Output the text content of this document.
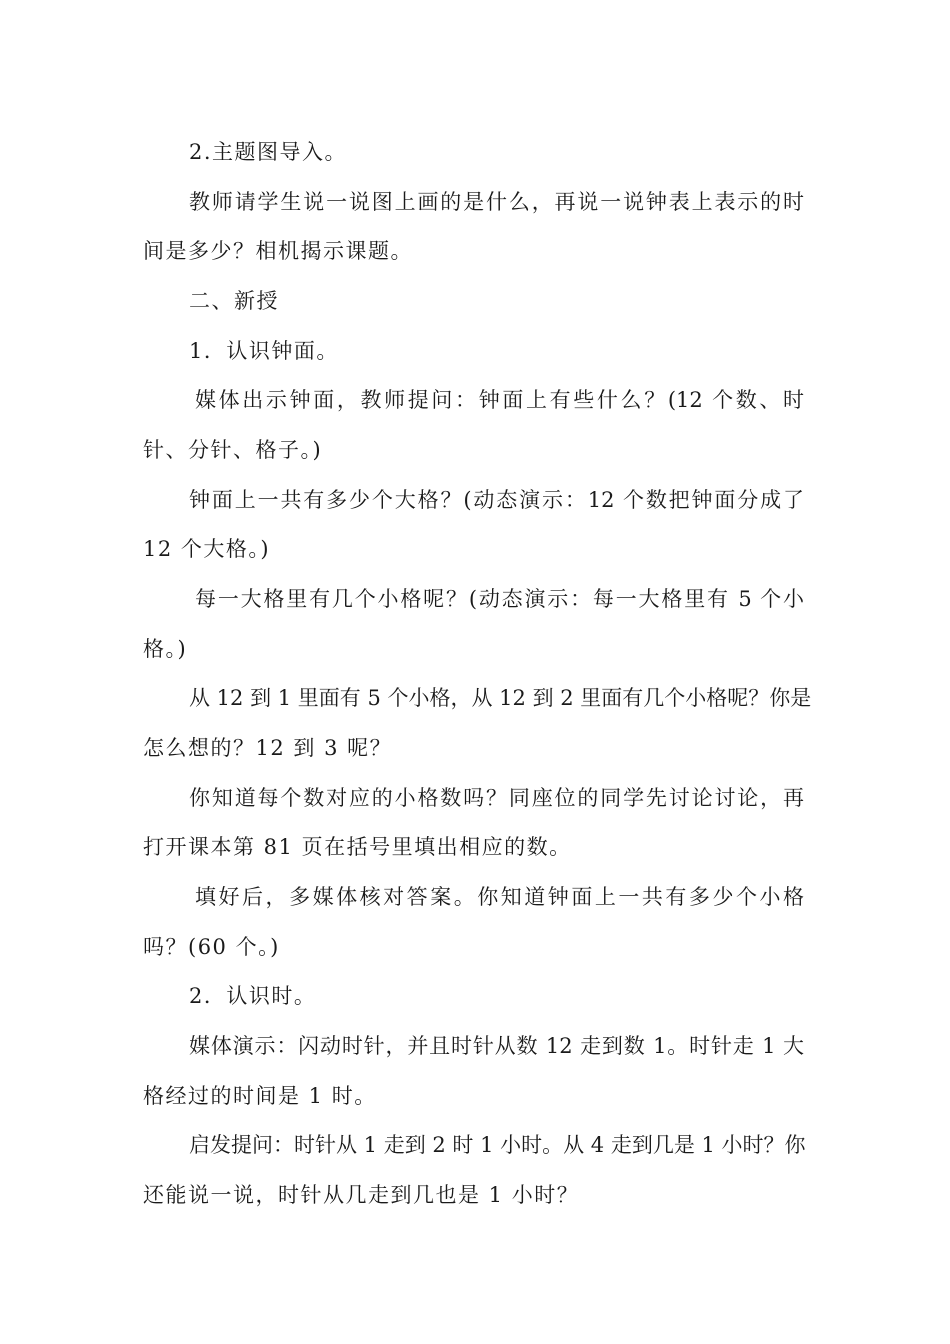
2.主题图导入。
教师请学生说一说图上画的是什么，再说一说钟表上表示的时
间是多少？相机揭示课题。
二、新授
1．认识钟面。
媒体出示钟面，教师提问：钟面上有些什么？(12 个数、时
针、分针、格子。)
钟面上一共有多少个大格？(动态演示：12 个数把钟面分成了
12 个大格。)
每一大格里有几个小格呢？(动态演示：每一大格里有 5 个小
格。)
从 12 到 1 里面有 5 个小格，从 12 到 2 里面有几个小格呢？你是
怎么想的？12 到 3 呢？
你知道每个数对应的小格数吗？同座位的同学先讨论讨论，再
打开课本第 81 页在括号里填出相应的数。
填好后，多媒体核对答案。你知道钟面上一共有多少个小格
吗？(60 个。)
2．认识时。
媒体演示：闪动时针，并且时针从数 12 走到数 1。时针走 1 大
格经过的时间是 1 时。
启发提问：时针从 1 走到 2 时 1 小时。从 4 走到几是 1 小时？你
还能说一说，时针从几走到几也是 1 小时？
